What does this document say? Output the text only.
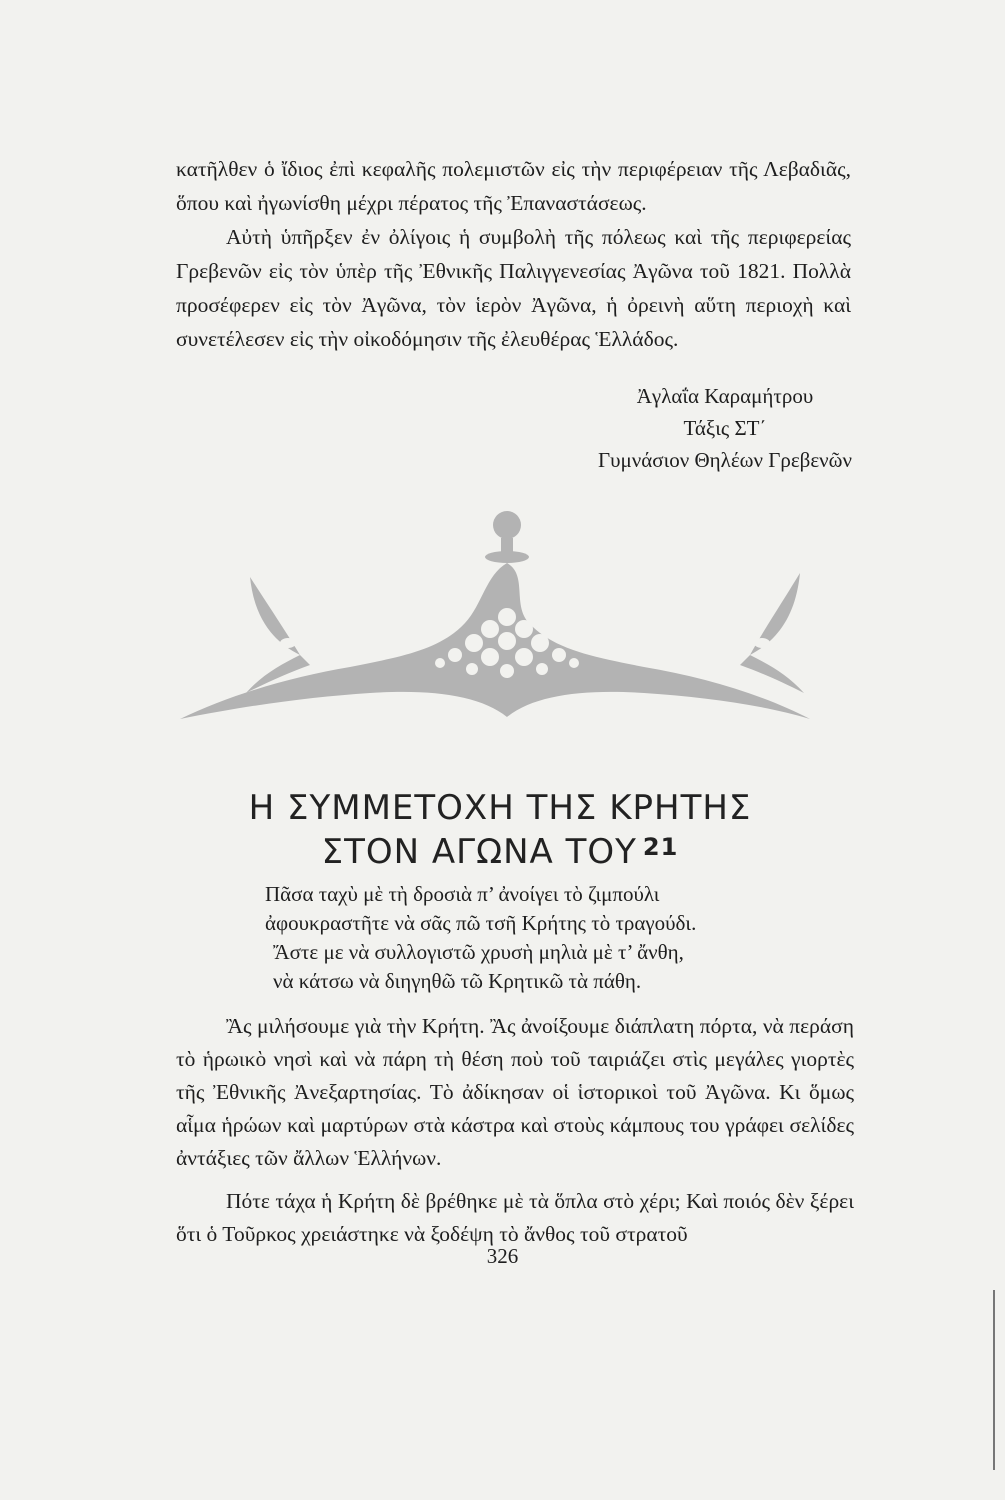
κατῆλθεν ὁ ἴδιος ἐπὶ κεφαλῆς πολεμιστῶν εἰς τὴν περιφέρειαν τῆς Λεβαδιᾶς, ὅπου καὶ ἠγωνίσθη μέχρι πέρατος τῆς Ἐπαναστάσεως.

Αὐτὴ ὑπῆρξεν ἐν ὀλίγοις ἡ συμβολὴ τῆς πόλεως καὶ τῆς περιφερείας Γρεβενῶν εἰς τὸν ὑπὲρ τῆς Ἐθνικῆς Παλιγγενεσίας Ἀγῶνα τοῦ 1821. Πολλὰ προσέφερεν εἰς τὸν Ἀγῶνα, τὸν ἱερὸν Ἀγῶνα, ἡ ὀρεινὴ αὕτη περιοχὴ καὶ συνετέλεσεν εἰς τὴν οἰκοδόμησιν τῆς ἐλευθέρας Ἑλλάδος.

Ἀγλαΐα Καραμήτρου
Τάξις ΣΤ΄
Γυμνάσιον Θηλέων Γρεβενῶν
Η ΣΥΜΜΕΤΟΧΗ ΤΗΣ ΚΡΗΤΗΣ
ΣΤΟΝ ΑΓΩΝΑ ΤΟΥ $^{21}$
Πᾶσα ταχὺ μὲ τὴ δροσιὰ π’ ἀνοίγει τὸ ζιμπούλι
ἀφουκραστῆτε νὰ σᾶς πῶ τσῆ Κρήτης τὸ τραγούδι.
Ἄστε με νὰ συλλογιστῶ χρυσὴ μηλιὰ μὲ τ’ ἄνθη,
νὰ κάτσω νὰ διηγηθῶ τῶ Κρητικῶ τὰ πάθη.

Ἂς μιλήσουμε γιὰ τὴν Κρήτη. Ἂς ἀνοίξουμε διάπλατη πόρτα, νὰ περάση τὸ ἡρωικὸ νησὶ καὶ νὰ πάρη τὴ θέση ποὺ τοῦ ταιριάζει στὶς μεγάλες γιορτὲς τῆς Ἐθνικῆς Ἀνεξαρτησίας. Τὸ ἀδίκησαν οἱ ἱστορικοὶ τοῦ Ἀγῶνα. Κι ὅμως αἷμα ἡρώων καὶ μαρτύρων στὰ κάστρα καὶ στοὺς κάμπους του γράφει σελίδες ἀντάξιες τῶν ἄλλων Ἑλλήνων.

Πότε τάχα ἡ Κρήτη δὲ βρέθηκε μὲ τὰ ὅπλα στὸ χέρι; Καὶ ποιός δὲν ξέρει ὅτι ὁ Τοῦρκος χρειάστηκε νὰ ξοδέψη τὸ ἄνθος τοῦ στρατοῦ

326
